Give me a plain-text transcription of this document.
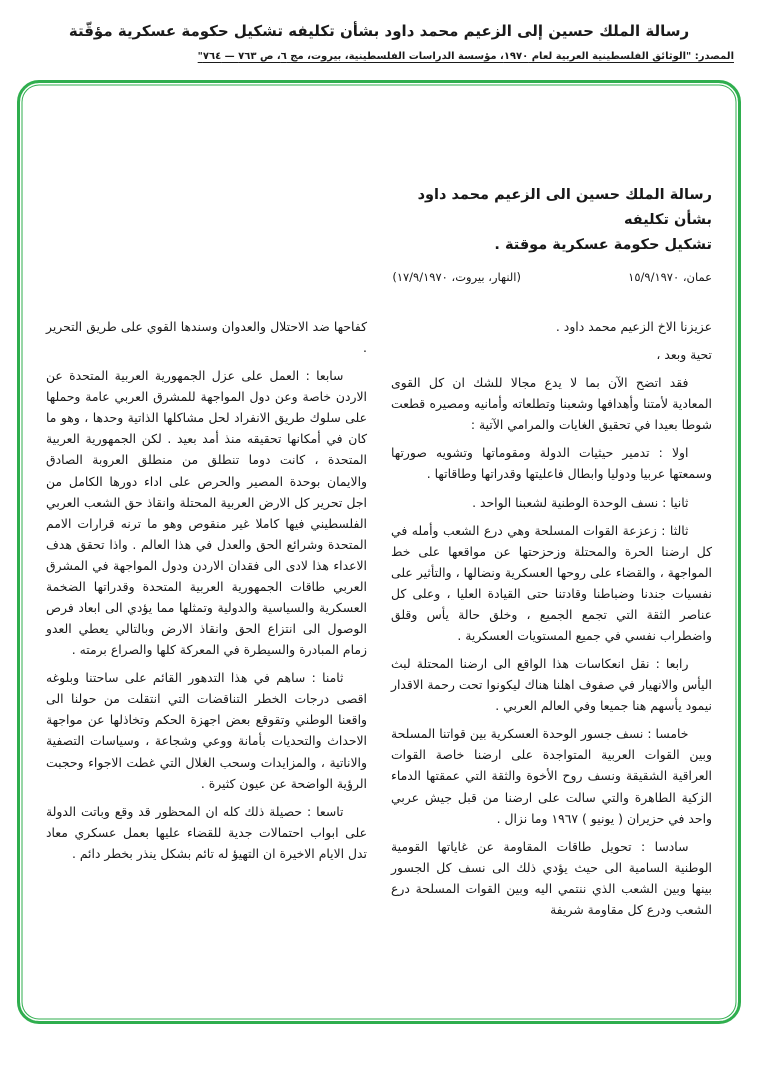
رسالة الملك حسين إلى الزعيم محمد داود بشأن تكليفه تشكيل حكومة عسكرية مؤقّتة
المصدر: "الوثائق الفلسطينية العربية لعام ١٩٧٠، مؤسسة الدراسات الفلسطينية، بيروت، مج ٦، ص ٧٦٣ — ٧٦٤"
رسالة الملك حسين الى الزعيم محمد داود بشأن تكليفه
تشكيل حكومة عسكرية موقتة .
عمان، ١٥/٩/١٩٧٠
(النهار، بيروت، ١٧/٩/١٩٧٠)

عزيزنا الاخ الزعيم محمد داود .

تحية وبعد ،

فقد اتضح الآن بما لا يدع مجالا للشك ان كل القوى المعادية لأمتنا وأهدافها وشعبنا وتطلعاته وأمانيه ومصيره قطعت شوطا بعيدا في تحقيق الغايات والمرامي الآتية :

اولا : تدمير حيثيات الدولة ومقوماتها وتشويه صورتها وسمعتها عربيا ودوليا وابطال فاعليتها وقدراتها وطاقاتها .

ثانيا : نسف الوحدة الوطنية لشعبنا الواحد .

ثالثا : زعزعة القوات المسلحة وهي درع الشعب وأمله في كل ارضنا الحرة والمحتلة وزحزحتها عن مواقعها على خط المواجهة ، والقضاء على روحها العسكرية ونضالها ، والتأثير على نفسيات جندنا وضباطنا وقادتنا حتى القيادة العليا ، وعلى كل عناصر الثقة التي تجمع الجميع ، وخلق حالة يأس وقلق واضطراب نفسي في جميع المستويات العسكرية .

رابعا : نقل انعكاسات هذا الواقع الى ارضنا المحتلة لبث اليأس والانهيار في صفوف اهلنا هناك ليكونوا تحت رحمة الاقدار نيمود يأسهم هنا جميعا وفي العالم العربي .

خامسا : نسف جسور الوحدة العسكرية بين قواتنا المسلحة وبين القوات العربية المتواجدة على ارضنا خاصة القوات العراقية الشقيقة ونسف روح الأخوة والثقة التي عمقتها الدماء الزكية الطاهرة والتي سالت على ارضنا من قبل جيش عربي واحد في حزيران ( يونيو ) ١٩٦٧ وما نزال .

سادسا : تحويل طاقات المقاومة عن غاياتها القومية الوطنية السامية الى حيث يؤدي ذلك الى نسف كل الجسور بينها وبين الشعب الذي ننتمي اليه وبين القوات المسلحة درع الشعب ودرع كل مقاومة شريفة

كفاحها ضد الاحتلال والعدوان وسندها القوي على طريق التحرير .

سابعا : العمل على عزل الجمهورية العربية المتحدة عن الاردن خاصة وعن دول المواجهة للمشرق العربي عامة وحملها على سلوك طريق الانفراد لحل مشاكلها الذاتية وحدها ، وهو ما كان في أمكانها تحقيقه منذ أمد بعيد . لكن الجمهورية العربية المتحدة ، كانت دوما تنطلق من منطلق العروبة الصادق والايمان بوحدة المصير والحرص على اداء دورها الكامل من اجل تحرير كل الارض العربية المحتلة وانقاذ حق الشعب العربي الفلسطيني فيها كاملا غير منقوص وهو ما ترنه قرارات الامم المتحدة وشرائع الحق والعدل في هذا العالم . واذا تحقق هدف الاعداء هذا لادى الى فقدان الاردن ودول المواجهة في المشرق العربي طاقات الجمهورية العربية المتحدة وقدراتها الضخمة العسكرية والسياسية والدولية وتمثلها مما يؤدي الى ابعاد فرص الوصول الى انتزاع الحق وانقاذ الارض وبالتالي يعطي العدو زمام المبادرة والسيطرة في المعركة كلها والصراع برمته .

ثامنا : ساهم في هذا التدهور القائم على ساحتنا وبلوغه اقصى درجات الخطر التناقضات التي انتقلت من حولنا الى واقعنا الوطني وتقوقع بعض اجهزة الحكم وتخاذلها عن مواجهة الاحداث والتحديات بأمانة ووعي وشجاعة ، وسياسات التصفية والاناتية ، والمزايدات وسحب الغلال التي غطت الاجواء وحجبت الرؤية الواضحة عن عيون كثيرة .

تاسعا : حصيلة ذلك كله ان المحظور قد وقع وباتت الدولة على ابواب احتمالات جدية للقضاء عليها بعمل عسكري معاد تدل الايام الاخيرة ان التهيؤ له تائم بشكل ينذر بخطر دائم .
